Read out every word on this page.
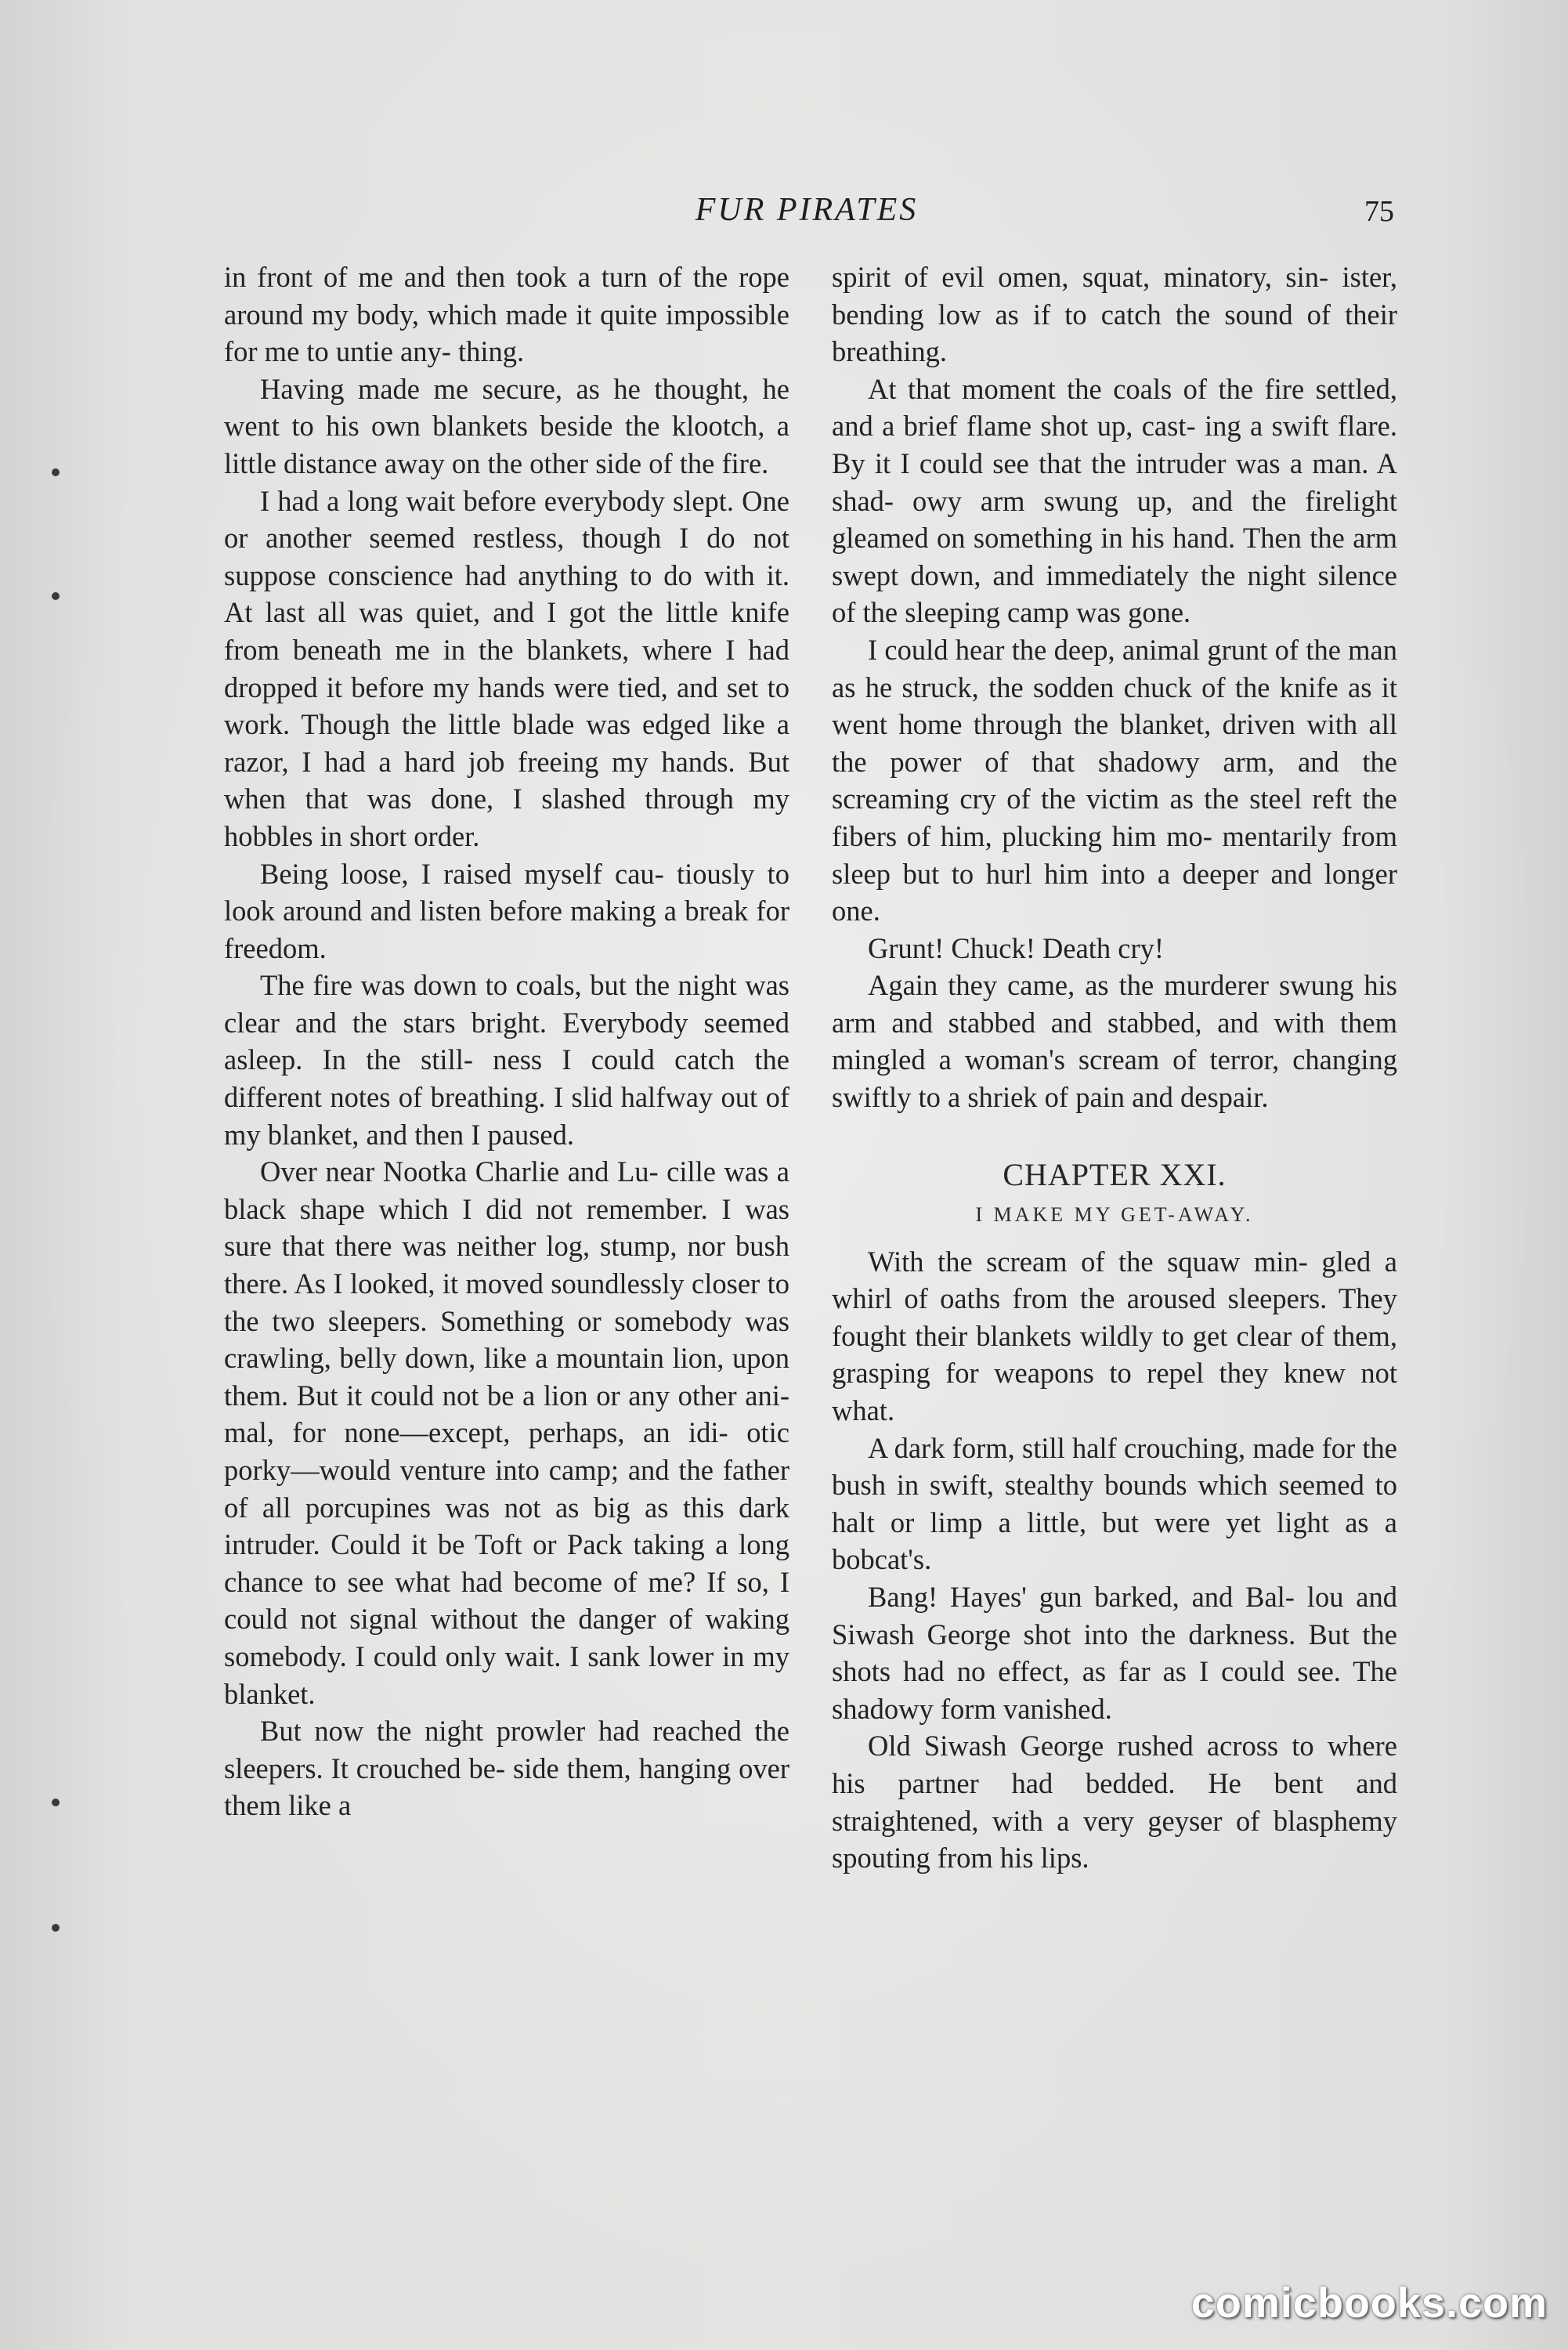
FUR PIRATES	75

in front of me and then took a turn of the rope around my body, which made it quite impossible for me to untie any- thing.

Having made me secure, as he thought, he went to his own blankets beside the klootch, a little distance away on the other side of the fire.

I had a long wait before everybody slept. One or another seemed restless, though I do not suppose conscience had anything to do with it. At last all was quiet, and I got the little knife from beneath me in the blankets, where I had dropped it before my hands were tied, and set to work. Though the little blade was edged like a razor, I had a hard job freeing my hands. But when that was done, I slashed through my hobbles in short order.

Being loose, I raised myself cau- tiously to look around and listen before making a break for freedom.

The fire was down to coals, but the night was clear and the stars bright. Everybody seemed asleep. In the still- ness I could catch the different notes of breathing. I slid halfway out of my blanket, and then I paused.

Over near Nootka Charlie and Lu- cille was a black shape which I did not remember. I was sure that there was neither log, stump, nor bush there. As I looked, it moved soundlessly closer to the two sleepers. Something or somebody was crawling, belly down, like a mountain lion, upon them. But it could not be a lion or any other ani- mal, for none—except, perhaps, an idi- otic porky—would venture into camp; and the father of all porcupines was not as big as this dark intruder. Could it be Toft or Pack taking a long chance to see what had become of me? If so, I could not signal without the danger of waking somebody. I could only wait. I sank lower in my blanket.

But now the night prowler had reached the sleepers. It crouched be- side them, hanging over them like a

spirit of evil omen, squat, minatory, sin- ister, bending low as if to catch the sound of their breathing.

At that moment the coals of the fire settled, and a brief flame shot up, cast- ing a swift flare. By it I could see that the intruder was a man. A shad- owy arm swung up, and the firelight gleamed on something in his hand. Then the arm swept down, and immediately the night silence of the sleeping camp was gone.

I could hear the deep, animal grunt of the man as he struck, the sodden chuck of the knife as it went home through the blanket, driven with all the power of that shadowy arm, and the screaming cry of the victim as the steel reft the fibers of him, plucking him mo- mentarily from sleep but to hurl him into a deeper and longer one.

Grunt! Chuck! Death cry!

Again they came, as the murderer swung his arm and stabbed and stabbed, and with them mingled a woman's scream of terror, changing swiftly to a shriek of pain and despair.

CHAPTER XXI.
I MAKE MY GET-AWAY.

With the scream of the squaw min- gled a whirl of oaths from the aroused sleepers. They fought their blankets wildly to get clear of them, grasping for weapons to repel they knew not what.

A dark form, still half crouching, made for the bush in swift, stealthy bounds which seemed to halt or limp a little, but were yet light as a bobcat's.

Bang! Hayes' gun barked, and Bal- lou and Siwash George shot into the darkness. But the shots had no effect, as far as I could see. The shadowy form vanished.

Old Siwash George rushed across to where his partner had bedded. He bent and straightened, with a very geyser of blasphemy spouting from his lips.

comicbooks.com
